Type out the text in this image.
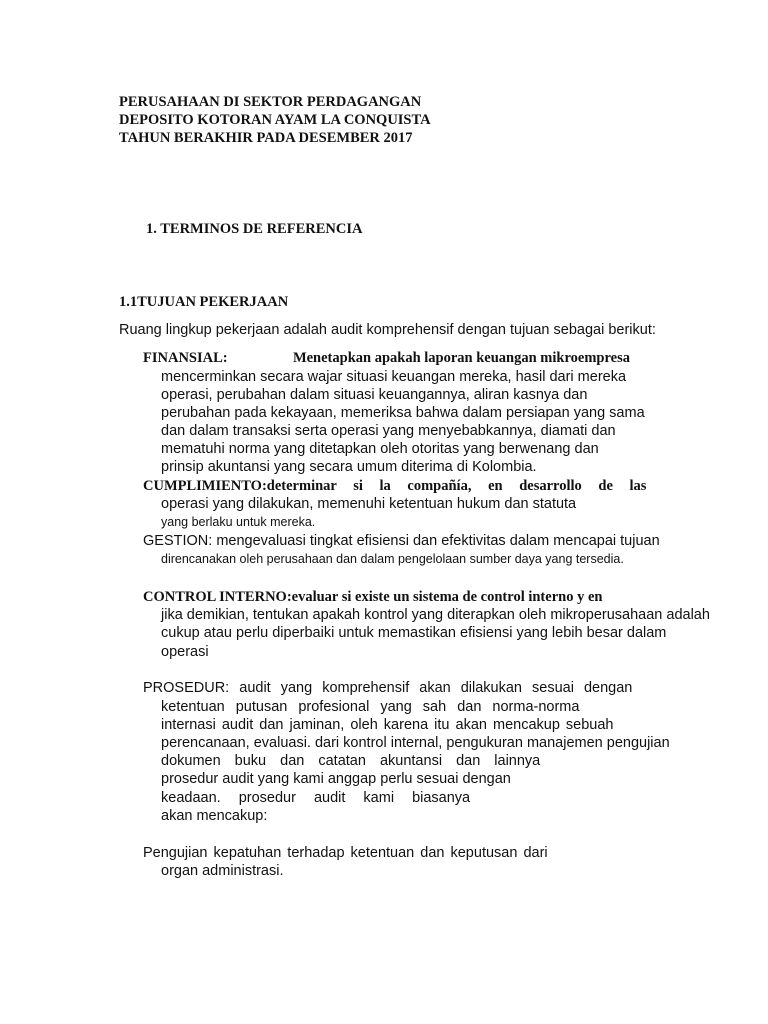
PERUSAHAAN DI SEKTOR PERDAGANGAN

DEPOSITO KOTORAN AYAM LA CONQUISTA

TAHUN BERAKHIR PADA DESEMBER 2017

1. TERMINOS DE REFERENCIA

1.1TUJUAN PEKERJAAN

Ruang lingkup pekerjaan adalah audit komprehensif dengan tujuan sebagai berikut:

FINANSIAL:	Menetapkan apakah laporan keuangan mikroempresa

mencerminkan secara wajar situasi keuangan mereka, hasil dari mereka

operasi, perubahan dalam situasi keuangannya, aliran kasnya dan

perubahan pada kekayaan, memeriksa bahwa dalam persiapan yang sama

dan dalam transaksi serta operasi yang menyebabkannya, diamati dan

mematuhi norma yang ditetapkan oleh otoritas yang berwenang dan

prinsip akuntansi yang secara umum diterima di Kolombia.

CUMPLIMIENTO:determinar si la compañía, en desarrollo de las

operasi yang dilakukan, memenuhi ketentuan hukum dan statuta

yang berlaku untuk mereka.

GESTION: mengevaluasi tingkat efisiensi dan efektivitas dalam mencapai tujuan

direncanakan oleh perusahaan dan dalam pengelolaan sumber daya yang tersedia.

CONTROL INTERNO:evaluar si existe un sistema de control interno y en

jika demikian, tentukan apakah kontrol yang diterapkan oleh mikroperusahaan adalah

cukup atau perlu diperbaiki untuk memastikan efisiensi yang lebih besar dalam

operasi

PROSEDUR: audit yang komprehensif akan dilakukan sesuai dengan

ketentuan putusan profesional yang sah dan norma-norma

internasi audit dan jaminan, oleh karena itu akan mencakup sebuah

perencanaan, evaluasi. dari kontrol internal, pengukuran manajemen pengujian

dokumen buku dan catatan akuntansi dan lainnya

prosedur audit yang kami anggap perlu sesuai dengan

keadaan. prosedur audit kami biasanya

akan mencakup:

Pengujian kepatuhan terhadap ketentuan dan keputusan dari

organ administrasi.
